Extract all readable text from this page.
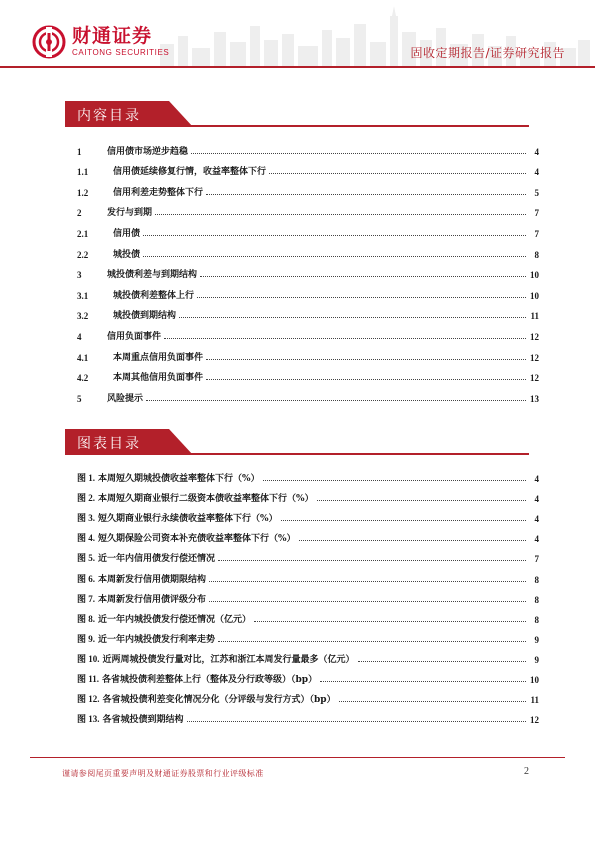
财通证券
CAITONG SECURITIES	固收定期报告/证券研究报告
内容目录
1	信用债市场逆步趋稳	4
1.1	信用债延续修复行情，收益率整体下行	4
1.2	信用利差走势整体下行	5
2	发行与到期	7
2.1	信用债	7
2.2	城投债	8
3	城投债利差与到期结构	10
3.1	城投债利差整体上行	10
3.2	城投债到期结构	11
4	信用负面事件	12
4.1	本周重点信用负面事件	12
4.2	本周其他信用负面事件	12
5	风险提示	13
图表目录
图 1. 本周短久期城投债收益率整体下行（%）	4
图 2. 本周短久期商业银行二级资本债收益率整体下行（%）	4
图 3. 短久期商业银行永续债收益率整体下行（%）	4
图 4. 短久期保险公司资本补充债收益率整体下行（%）	4
图 5. 近一年内信用债发行偿还情况	7
图 6. 本周新发行信用债期限结构	8
图 7. 本周新发行信用债评级分布	8
图 8. 近一年内城投债发行偿还情况（亿元）	8
图 9. 近一年内城投债发行利率走势	9
图 10. 近两周城投债发行量对比，江苏和浙江本周发行量最多（亿元）	9
图 11. 各省城投债利差整体上行（整体及分行政等级）（bp）	10
图 12. 各省城投债利差变化情况分化（分评级与发行方式）（bp）	11
图 13. 各省城投债到期结构	12
谨请参阅尾页重要声明及财通证券股票和行业评级标准	2
